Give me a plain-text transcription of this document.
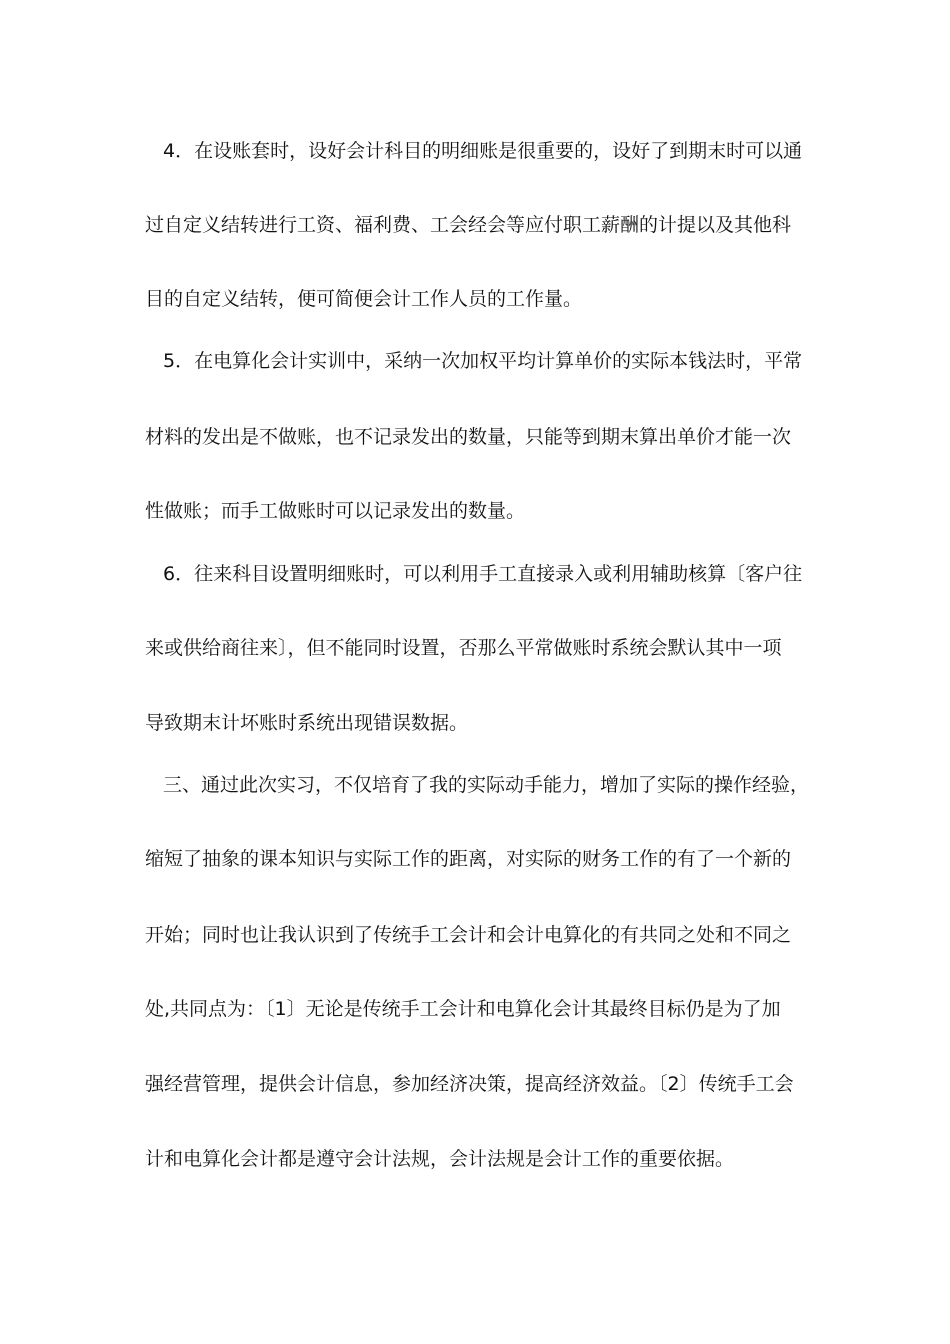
4．在设账套时，设好会计科目的明细账是很重要的，设好了到期末时可以通
过自定义结转进行工资、福利费、工会经会等应付职工薪酬的计提以及其他科
目的自定义结转，便可简便会计工作人员的工作量。
5．在电算化会计实训中，采纳一次加权平均计算单价的实际本钱法时，平常
材料的发出是不做账，也不记录发出的数量，只能等到期末算出单价才能一次
性做账；而手工做账时可以记录发出的数量。
6．往来科目设置明细账时，可以利用手工直接录入或利用辅助核算〔客户往
来或供给商往来〕，但不能同时设置，否那么平常做账时系统会默认其中一项
导致期末计坏账时系统出现错误数据。
三、通过此次实习，不仅培育了我的实际动手能力，增加了实际的操作经验，
缩短了抽象的课本知识与实际工作的距离，对实际的财务工作的有了一个新的
开始；同时也让我认识到了传统手工会计和会计电算化的有共同之处和不同之
处,共同点为：〔1〕无论是传统手工会计和电算化会计其最终目标仍是为了加
强经营管理，提供会计信息，参加经济决策，提高经济效益。〔2〕传统手工会
计和电算化会计都是遵守会计法规，会计法规是会计工作的重要依据。
